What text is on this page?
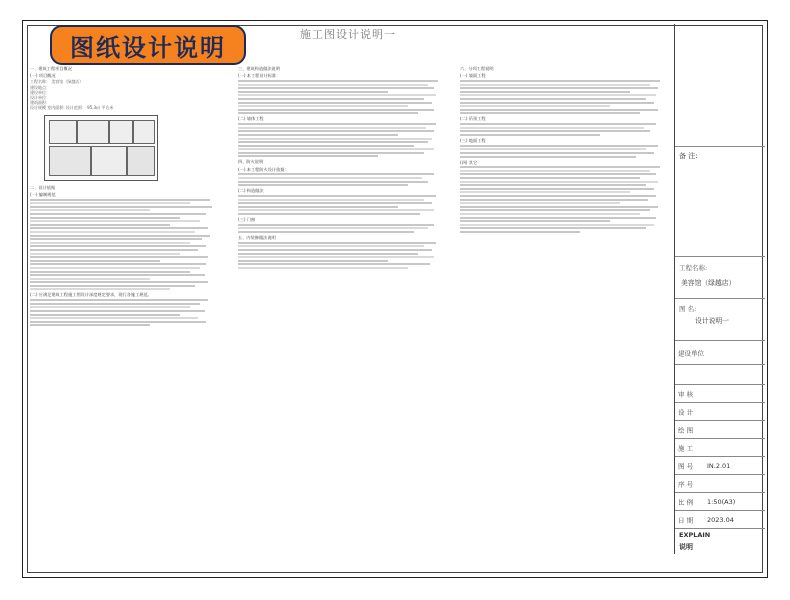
图纸设计说明	施工图设计说明一
一、建筑工程项目概况
(一) 项目概况
工程名称： 美容馆（绿越店）
建设地点：
建设单位：
设计单位：
建筑面积：
设计规模 室内面积: 设计范围： 95.3㎡ 平方米
二、设计依据
(一) 编制规范
(二) 应满足建筑工程施工图设计深度规定要求，现行各施工规范。
三、建筑构造做法说明
(一) 本工程设计标准：
(二) 墙体工程
四、防火说明
(一) 本工程防火设计依据：
(二) 构造做法
(三) 门窗
五、内装修做法说明
六、分项工程说明
(一) 墙面工程
(二) 吊顶工程
(三) 地面工程
(四) 其它
备 注:
工程名称:
美容馆（绿越店）
图 名:
设计说明一
建设单位
审 核
设 计
绘 图
施 工
图 号 IN.2.01
序 号
比 例 1:50(A3)
日 期 2023.04
EXPLAIN
说明
